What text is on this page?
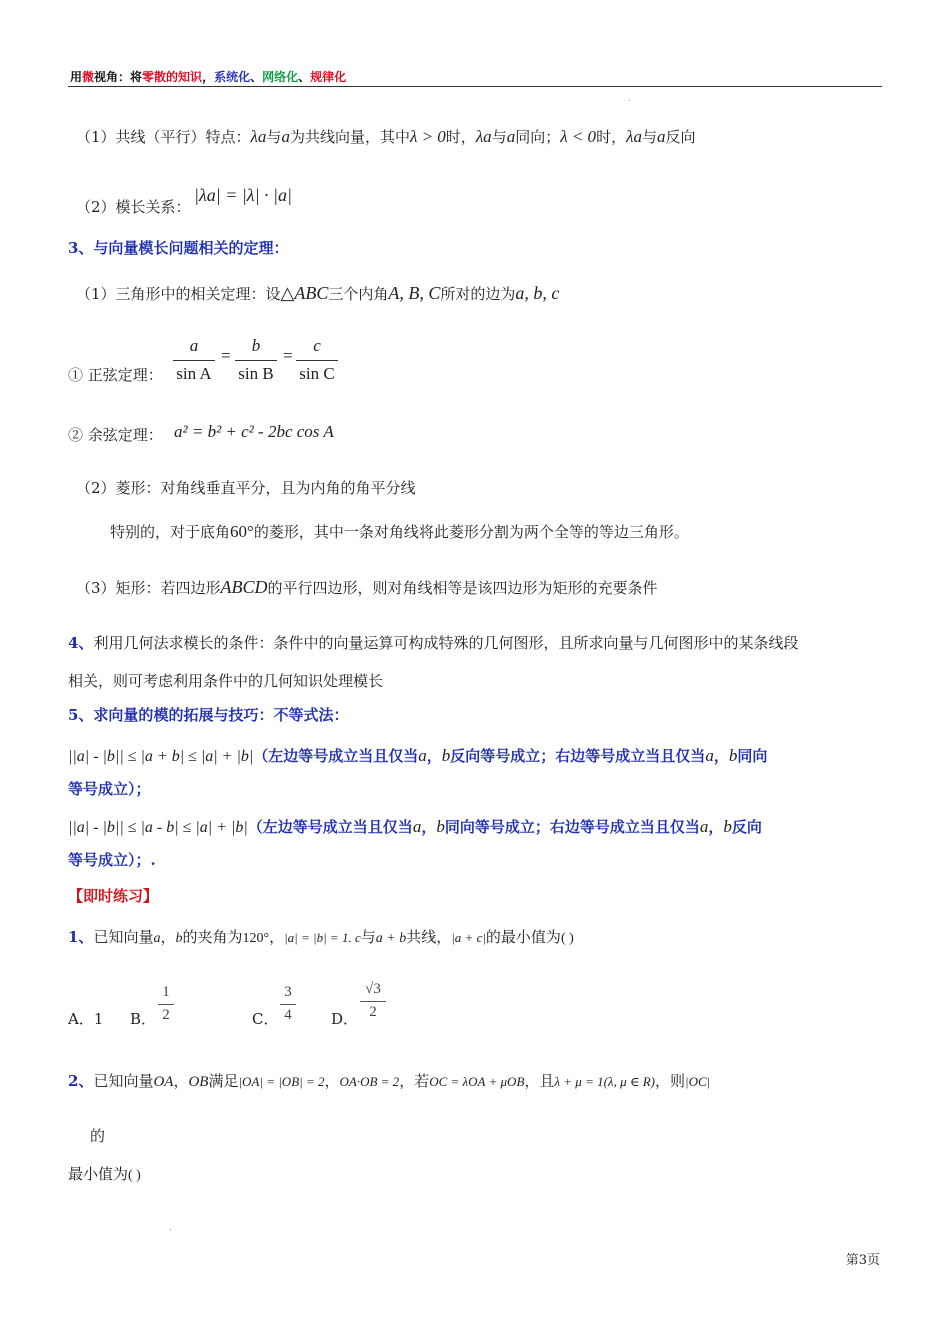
用微视角：将零散的知识，系统化、网络化、规律化
（1）共线（平行）特点：λa与a为共线向量，其中λ > 0时，λa与a同向；λ < 0时，λa与a反向
（2）模长关系：
|λa| = |λ| · |a|
3、与向量模长问题相关的定理：
（1）三角形中的相关定理：设△ABC三个内角A, B, C所对的边为a, b, c
① 正弦定理：
a
sin A
=
b
sin B
=
c
sin C
② 余弦定理： a² = b² + c² - 2bc cos A
（2）菱形：对角线垂直平分，且为内角的角平分线
特别的，对于底角60°的菱形，其中一条对角线将此菱形分割为两个全等的等边三角形。
（3）矩形：若四边形ABCD的平行四边形，则对角线相等是该四边形为矩形的充要条件
4、利用几何法求模长的条件：条件中的向量运算可构成特殊的几何图形，且所求向量与几何图形中的某条线段
相关，则可考虑利用条件中的几何知识处理模长
5、求向量的模的拓展与技巧：不等式法：
||a| - |b|| ≤ |a + b| ≤ |a| + |b|（左边等号成立当且仅当a，b反向等号成立；右边等号成立当且仅当a，b同向
等号成立）；
||a| - |b|| ≤ |a - b| ≤ |a| + |b|（左边等号成立当且仅当a，b同向等号成立；右边等号成立当且仅当a，b反向
等号成立）；.
【即时练习】
1、已知向量a，b的夹角为120°，|a| = |b| = 1. c与a + b共线，|a + c|的最小值为( )
A．1 B．
1
2	C．
3
4	D．
√3
2
2、已知向量OA，OB满足|OA| = |OB| = 2，OA·OB = 2，若OC = λOA + μOB，且λ + μ = 1(λ, μ ∈ R)，则|OC|
的
最小值为( )
第3页
